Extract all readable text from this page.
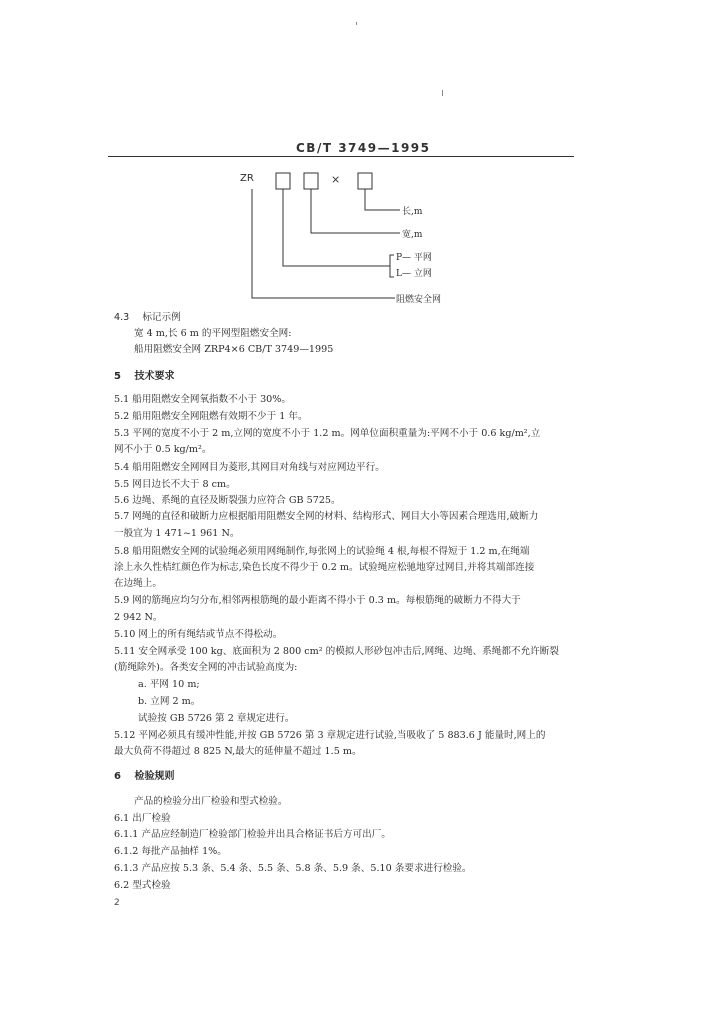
CB/T 3749—1995
ZR	×
长,m
宽,m
P— 平网
L— 立网
阻燃安全网
4.3 标记示例
宽 4 m,长 6 m 的平网型阻燃安全网:
船用阻燃安全网 ZRP4×6 CB/T 3749—1995
5 技术要求
5.1 船用阻燃安全网氧指数不小于 30%。
5.2 船用阻燃安全网阻燃有效期不少于 1 年。
5.3 平网的宽度不小于 2 m,立网的宽度不小于 1.2 m。网单位面积重量为:平网不小于 0.6 kg/m²,立
网不小于 0.5 kg/m²。
5.4 船用阻燃安全网网目为菱形,其网目对角线与对应网边平行。
5.5 网目边长不大于 8 cm。
5.6 边绳、系绳的直径及断裂强力应符合 GB 5725。
5.7 网绳的直径和破断力应根据船用阻燃安全网的材料、结构形式、网目大小等因素合理选用,破断力
一般宜为 1 471~1 961 N。
5.8 船用阻燃安全网的试验绳必须用网绳制作,每张网上的试验绳 4 根,每根不得短于 1.2 m,在绳端
涂上永久性桔红颜色作为标志,染色长度不得少于 0.2 m。试验绳应松驰地穿过网目,并将其端部连接
在边绳上。
5.9 网的筋绳应均匀分布,相邻两根筋绳的最小距离不得小于 0.3 m。每根筋绳的破断力不得大于
2 942 N。
5.10 网上的所有绳结或节点不得松动。
5.11 安全网承受 100 kg、底面积为 2 800 cm² 的模拟人形砂包冲击后,网绳、边绳、系绳都不允许断裂
(筋绳除外)。各类安全网的冲击试验高度为:
a. 平网 10 m;
b. 立网 2 m。
试验按 GB 5726 第 2 章规定进行。
5.12 平网必须具有缓冲性能,并按 GB 5726 第 3 章规定进行试验,当吸收了 5 883.6 J 能量时,网上的
最大负荷不得超过 8 825 N,最大的延伸量不超过 1.5 m。
6 检验规则
产品的检验分出厂检验和型式检验。
6.1 出厂检验
6.1.1 产品应经制造厂检验部门检验并出具合格证书后方可出厂。
6.1.2 每批产品抽样 1%。
6.1.3 产品应按 5.3 条、5.4 条、5.5 条、5.8 条、5.9 条、5.10 条要求进行检验。
6.2 型式检验
2
